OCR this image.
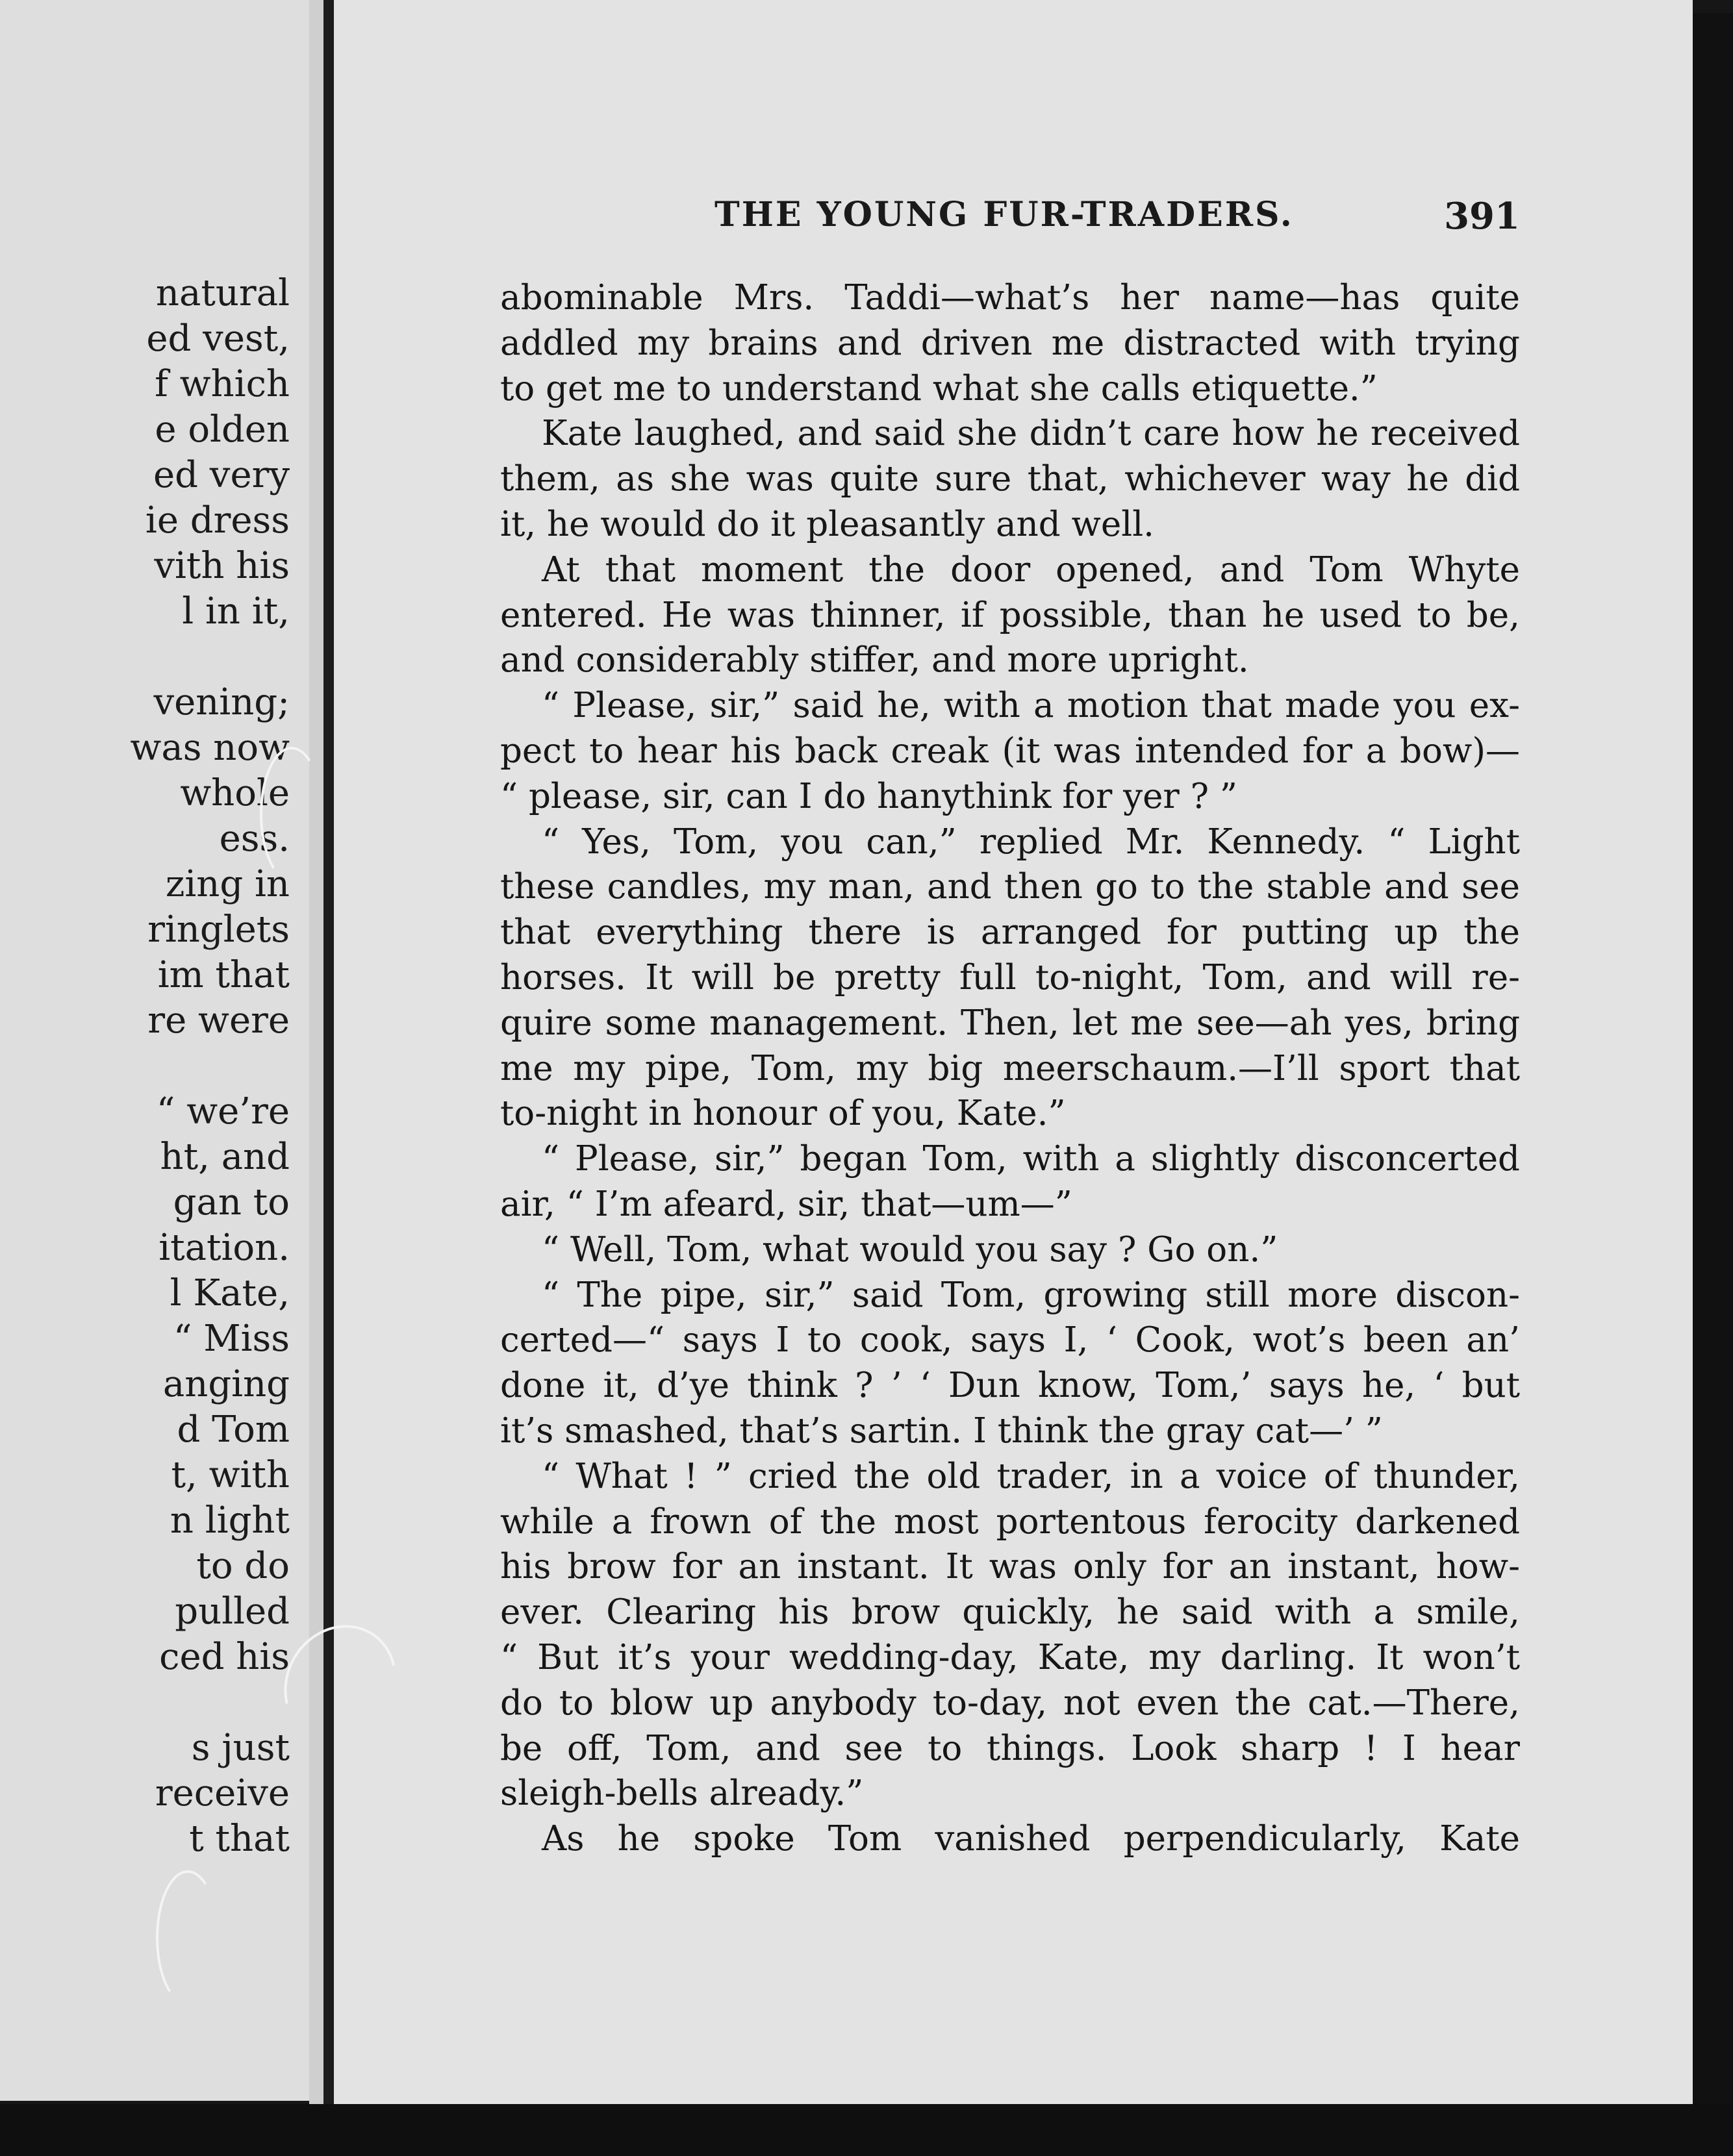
natural
ed vest,
f which
e olden
ed very
ie dress
vith his
l in it,
vening;
was now
whole
ess.
zing in
ringlets
im that
re were
“ we’re
ht, and
gan to
itation.
l Kate,
“ Miss
anging
d Tom
t, with
n light
to do
pulled
ced his
s just
receive
t that
THE YOUNG FUR-TRADERS.	391
abominable Mrs. Taddi—what’s her name—has quite
addled my brains and driven me distracted with trying
to get me to understand what she calls etiquette.”
Kate laughed, and said she didn’t care how he received
them, as she was quite sure that, whichever way he did
it, he would do it pleasantly and well.
At that moment the door opened, and Tom Whyte
entered. He was thinner, if possible, than he used to be,
and considerably stiffer, and more upright.
“ Please, sir,” said he, with a motion that made you ex-
pect to hear his back creak (it was intended for a bow)—
“ please, sir, can I do hanythink for yer ? ”
“ Yes, Tom, you can,” replied Mr. Kennedy. “ Light
these candles, my man, and then go to the stable and see
that everything there is arranged for putting up the
horses. It will be pretty full to-night, Tom, and will re-
quire some management. Then, let me see—ah yes, bring
me my pipe, Tom, my big meerschaum.—I’ll sport that
to-night in honour of you, Kate.”
“ Please, sir,” began Tom, with a slightly disconcerted
air, “ I’m afeard, sir, that—um—”
“ Well, Tom, what would you say ? Go on.”
“ The pipe, sir,” said Tom, growing still more discon-
certed—“ says I to cook, says I, ‘ Cook, wot’s been an’
done it, d’ye think ? ’ ‘ Dun know, Tom,’ says he, ‘ but
it’s smashed, that’s sartin. I think the gray cat—’ ”
“ What ! ” cried the old trader, in a voice of thunder,
while a frown of the most portentous ferocity darkened
his brow for an instant. It was only for an instant, how-
ever. Clearing his brow quickly, he said with a smile,
“ But it’s your wedding-day, Kate, my darling. It won’t
do to blow up anybody to-day, not even the cat.—There,
be off, Tom, and see to things. Look sharp ! I hear
sleigh-bells already.”
As he spoke Tom vanished perpendicularly, Kate
